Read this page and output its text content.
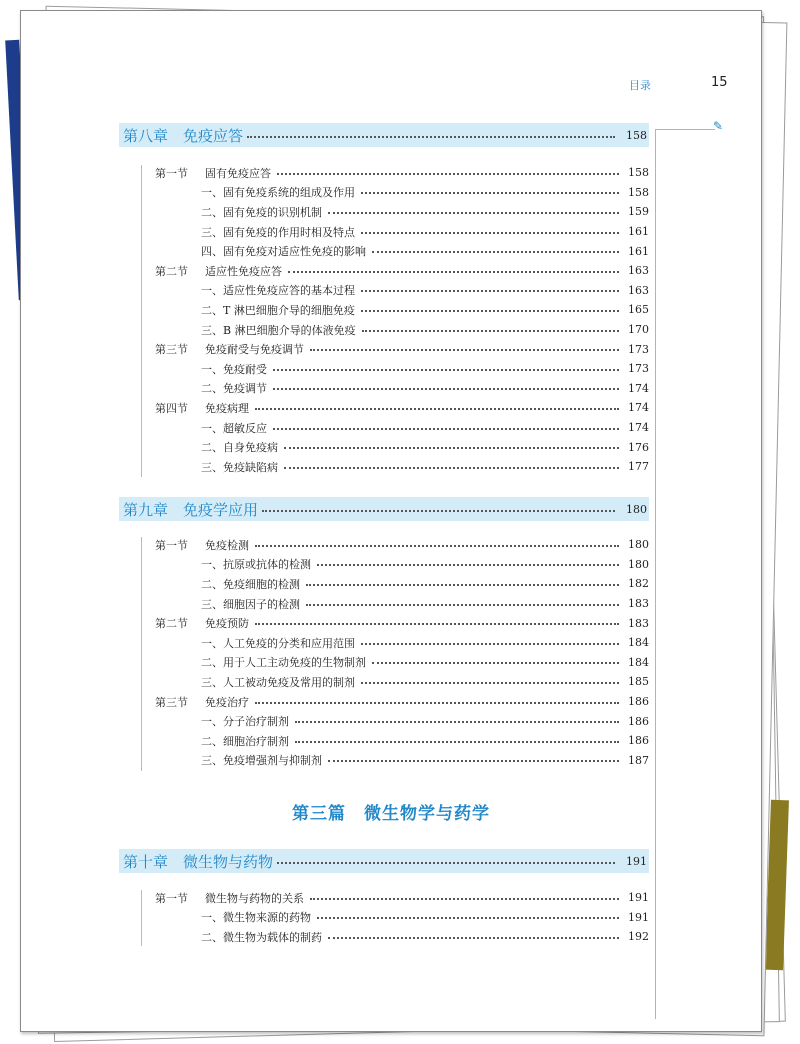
目录	15
✎
第八章　免疫应答	158
第一节	固有免疫应答	158
一、固有免疫系统的组成及作用	158
二、固有免疫的识别机制	159
三、固有免疫的作用时相及特点	161
四、固有免疫对适应性免疫的影响	161
第二节	适应性免疫应答	163
一、适应性免疫应答的基本过程	163
二、T 淋巴细胞介导的细胞免疫	165
三、B 淋巴细胞介导的体液免疫	170
第三节	免疫耐受与免疫调节	173
一、免疫耐受	173
二、免疫调节	174
第四节	免疫病理	174
一、超敏反应	174
二、自身免疫病	176
三、免疫缺陷病	177
第九章　免疫学应用	180
第一节	免疫检测	180
一、抗原或抗体的检测	180
二、免疫细胞的检测	182
三、细胞因子的检测	183
第二节	免疫预防	183
一、人工免疫的分类和应用范围	184
二、用于人工主动免疫的生物制剂	184
三、人工被动免疫及常用的制剂	185
第三节	免疫治疗	186
一、分子治疗制剂	186
二、细胞治疗制剂	186
三、免疫增强剂与抑制剂	187
第三篇　微生物学与药学
第十章　微生物与药物	191
第一节	微生物与药物的关系	191
一、微生物来源的药物	191
二、微生物为载体的制药	192
